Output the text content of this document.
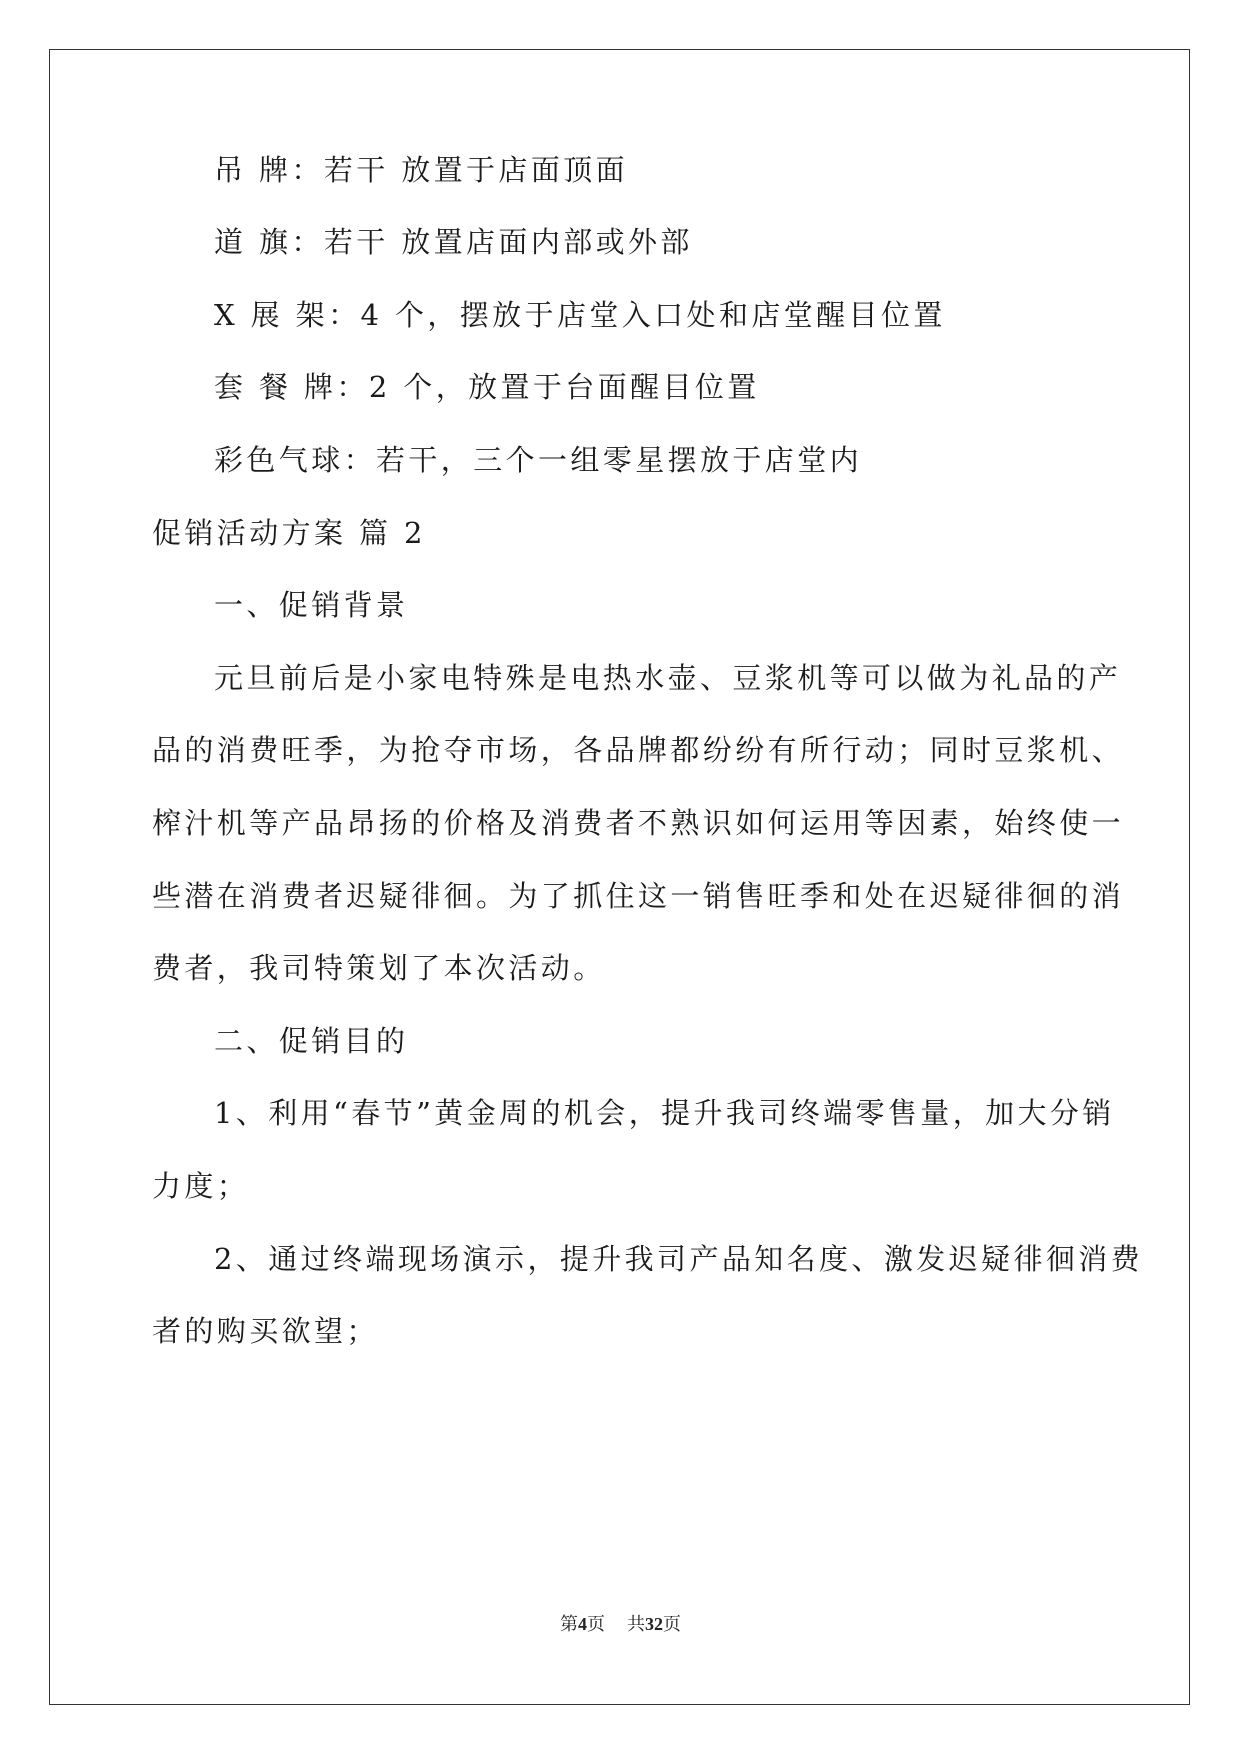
吊 牌：若干 放置于店面顶面
道 旗：若干 放置店面内部或外部
X 展 架：4 个，摆放于店堂入口处和店堂醒目位置
套 餐 牌：2 个，放置于台面醒目位置
彩色气球：若干，三个一组零星摆放于店堂内
促销活动方案 篇 2
一、促销背景
元旦前后是小家电特殊是电热水壶、豆浆机等可以做为礼品的产
品的消费旺季，为抢夺市场，各品牌都纷纷有所行动；同时豆浆机、
榨汁机等产品昂扬的价格及消费者不熟识如何运用等因素，始终使一
些潜在消费者迟疑徘徊。为了抓住这一销售旺季和处在迟疑徘徊的消
费者，我司特策划了本次活动。
二、促销目的
1、利用“春节”黄金周的机会，提升我司终端零售量，加大分销
力度；
2、通过终端现场演示，提升我司产品知名度、激发迟疑徘徊消费
者的购买欲望；
第4页 共32页
